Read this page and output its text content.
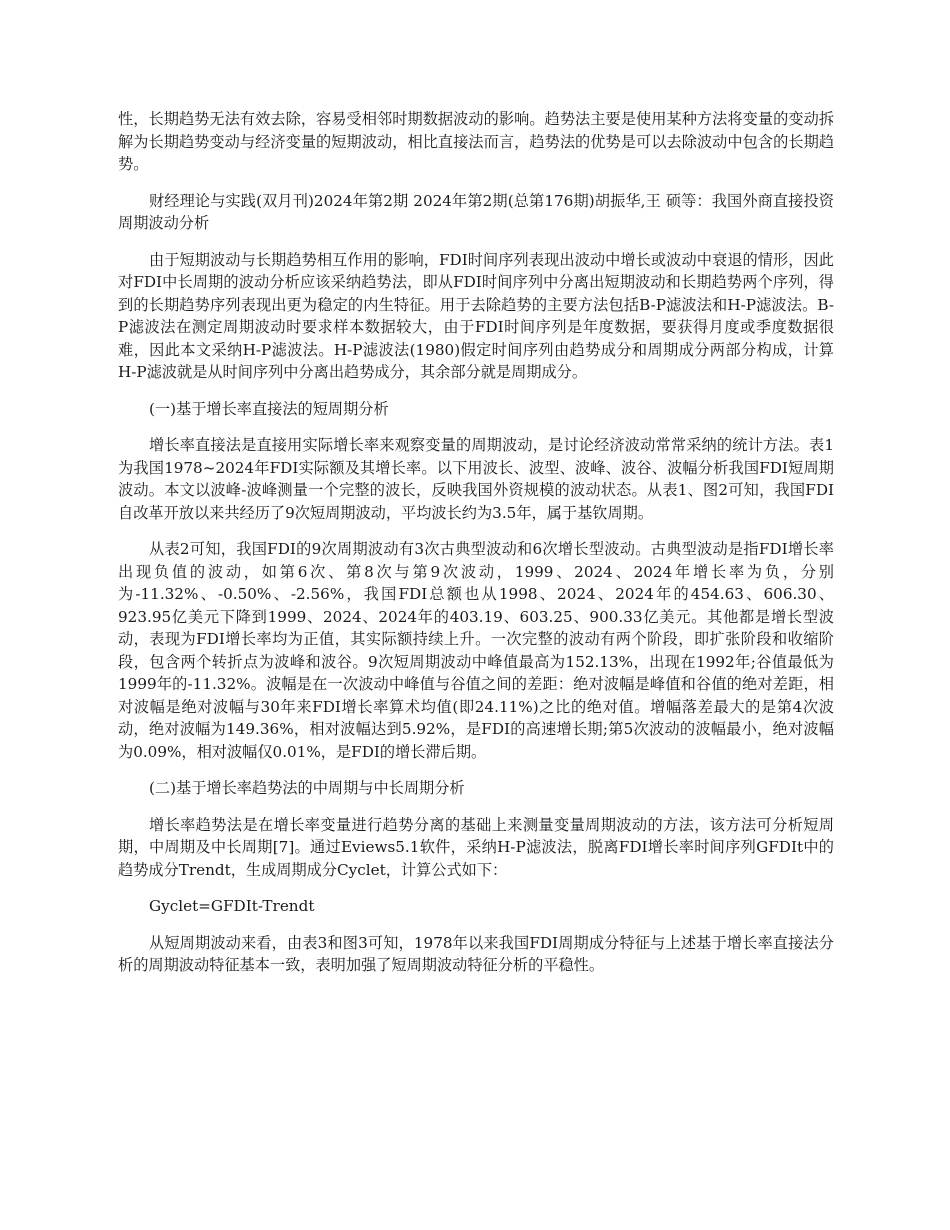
性，长期趋势无法有效去除，容易受相邻时期数据波动的影响。趋势法主要是使用某种方法将变量的变动拆解为长期趋势变动与经济变量的短期波动，相比直接法而言，趋势法的优势是可以去除波动中包含的长期趋势。

财经理论与实践(双月刊)2024年第2期 2024年第2期(总第176期)胡振华,王 硕等：我国外商直接投资周期波动分析

由于短期波动与长期趋势相互作用的影响，FDI时间序列表现出波动中增长或波动中衰退的情形，因此对FDI中长周期的波动分析应该采纳趋势法，即从FDI时间序列中分离出短期波动和长期趋势两个序列，得到的长期趋势序列表现出更为稳定的内生特征。用于去除趋势的主要方法包括B-P滤波法和H-P滤波法。B-P滤波法在测定周期波动时要求样本数据较大，由于FDI时间序列是年度数据，要获得月度或季度数据很难，因此本文采纳H-P滤波法。H-P滤波法(1980)假定时间序列由趋势成分和周期成分两部分构成，计算H-P滤波就是从时间序列中分离出趋势成分，其余部分就是周期成分。

(一)基于增长率直接法的短周期分析

增长率直接法是直接用实际增长率来观察变量的周期波动，是讨论经济波动常常采纳的统计方法。表1为我国1978~2024年FDI实际额及其增长率。以下用波长、波型、波峰、波谷、波幅分析我国FDI短周期波动。本文以波峰-波峰测量一个完整的波长，反映我国外资规模的波动状态。从表1、图2可知，我国FDI自改革开放以来共经历了9次短周期波动，平均波长约为3.5年，属于基钦周期。

从表2可知，我国FDI的9次周期波动有3次古典型波动和6次增长型波动。古典型波动是指FDI增长率出现负值的波动，如第6次、第8次与第9次波动，1999、2024、2024年增长率为负，分别为-11.32%、-0.50%、-2.56%，我国FDI总额也从1998、2024、2024年的454.63、606.30、923.95亿美元下降到1999、2024、2024年的403.19、603.25、900.33亿美元。其他都是增长型波动，表现为FDI增长率均为正值，其实际额持续上升。一次完整的波动有两个阶段，即扩张阶段和收缩阶段，包含两个转折点为波峰和波谷。9次短周期波动中峰值最高为152.13%，出现在1992年;谷值最低为1999年的-11.32%。波幅是在一次波动中峰值与谷值之间的差距：绝对波幅是峰值和谷值的绝对差距，相对波幅是绝对波幅与30年来FDI增长率算术均值(即24.11%)之比的绝对值。增幅落差最大的是第4次波动，绝对波幅为149.36%，相对波幅达到5.92%，是FDI的高速增长期;第5次波动的波幅最小，绝对波幅为0.09%，相对波幅仅0.01%，是FDI的增长滞后期。

(二)基于增长率趋势法的中周期与中长周期分析

增长率趋势法是在增长率变量进行趋势分离的基础上来测量变量周期波动的方法，该方法可分析短周期，中周期及中长周期[7]。通过Eviews5.1软件，采纳H-P滤波法，脱离FDI增长率时间序列GFDIt中的趋势成分Trendt，生成周期成分Cyclet，计算公式如下：

Gyclet=GFDIt-Trendt

从短周期波动来看，由表3和图3可知，1978年以来我国FDI周期成分特征与上述基于增长率直接法分析的周期波动特征基本一致，表明加强了短周期波动特征分析的平稳性。
